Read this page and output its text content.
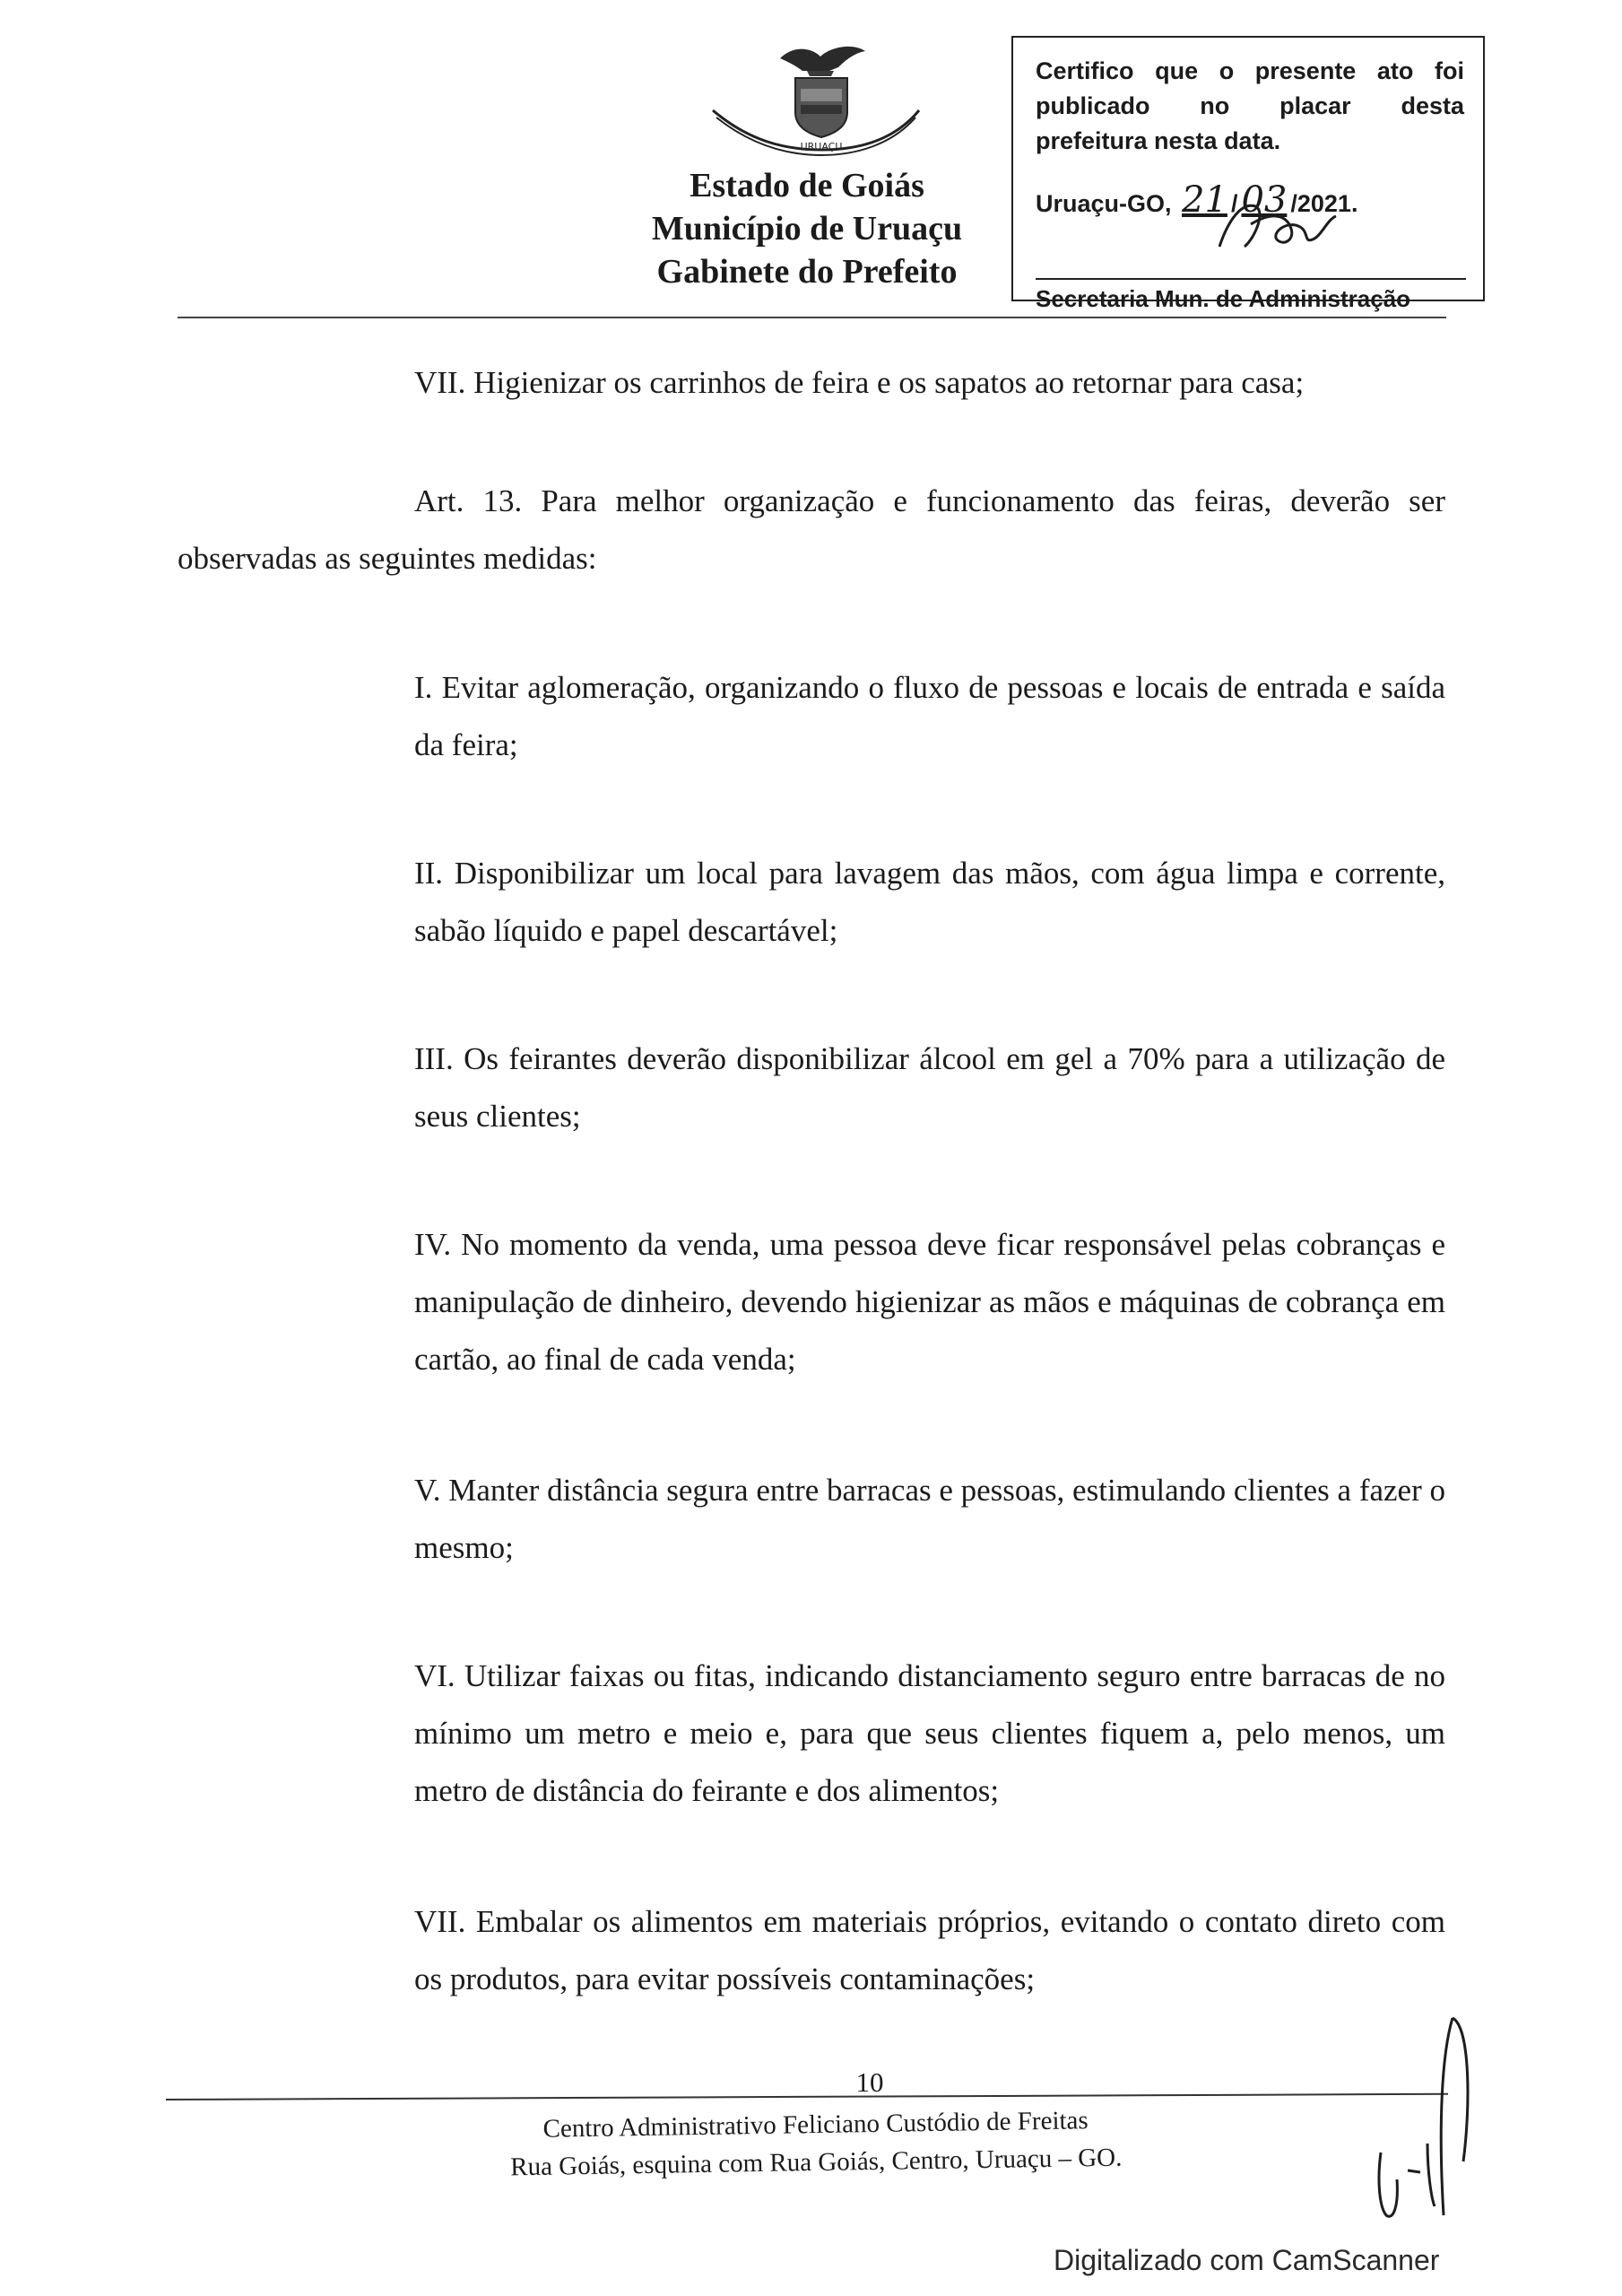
URUAÇU
Estado de Goiás
Município de Uruaçu
Gabinete do Prefeito
Certifico que o presente ato foi
publicado no placar desta
prefeitura nesta data.
Uruaçu-GO, 21 / 03 /2021.
Secretaria Mun. de Administração
VII. Higienizar os carrinhos de feira e os sapatos ao retornar para casa;
Art. 13. Para melhor organização e funcionamento das feiras, deverão ser observadas as seguintes medidas:
I. Evitar aglomeração, organizando o fluxo de pessoas e locais de entrada e saída da feira;
II. Disponibilizar um local para lavagem das mãos, com água limpa e corrente, sabão líquido e papel descartável;
III. Os feirantes deverão disponibilizar álcool em gel a 70% para a utilização de seus clientes;
IV. No momento da venda, uma pessoa deve ficar responsável pelas cobranças e manipulação de dinheiro, devendo higienizar as mãos e máquinas de cobrança em cartão, ao final de cada venda;
V. Manter distância segura entre barracas e pessoas, estimulando clientes a fazer o mesmo;
VI. Utilizar faixas ou fitas, indicando distanciamento seguro entre barracas de no mínimo um metro e meio e, para que seus clientes fiquem a, pelo menos, um metro de distância do feirante e dos alimentos;
VII. Embalar os alimentos em materiais próprios, evitando o contato direto com os produtos, para evitar possíveis contaminações;
10
Centro Administrativo Feliciano Custódio de Freitas
Rua Goiás, esquina com Rua Goiás, Centro, Uruaçu – GO.
Digitalizado com CamScanner
